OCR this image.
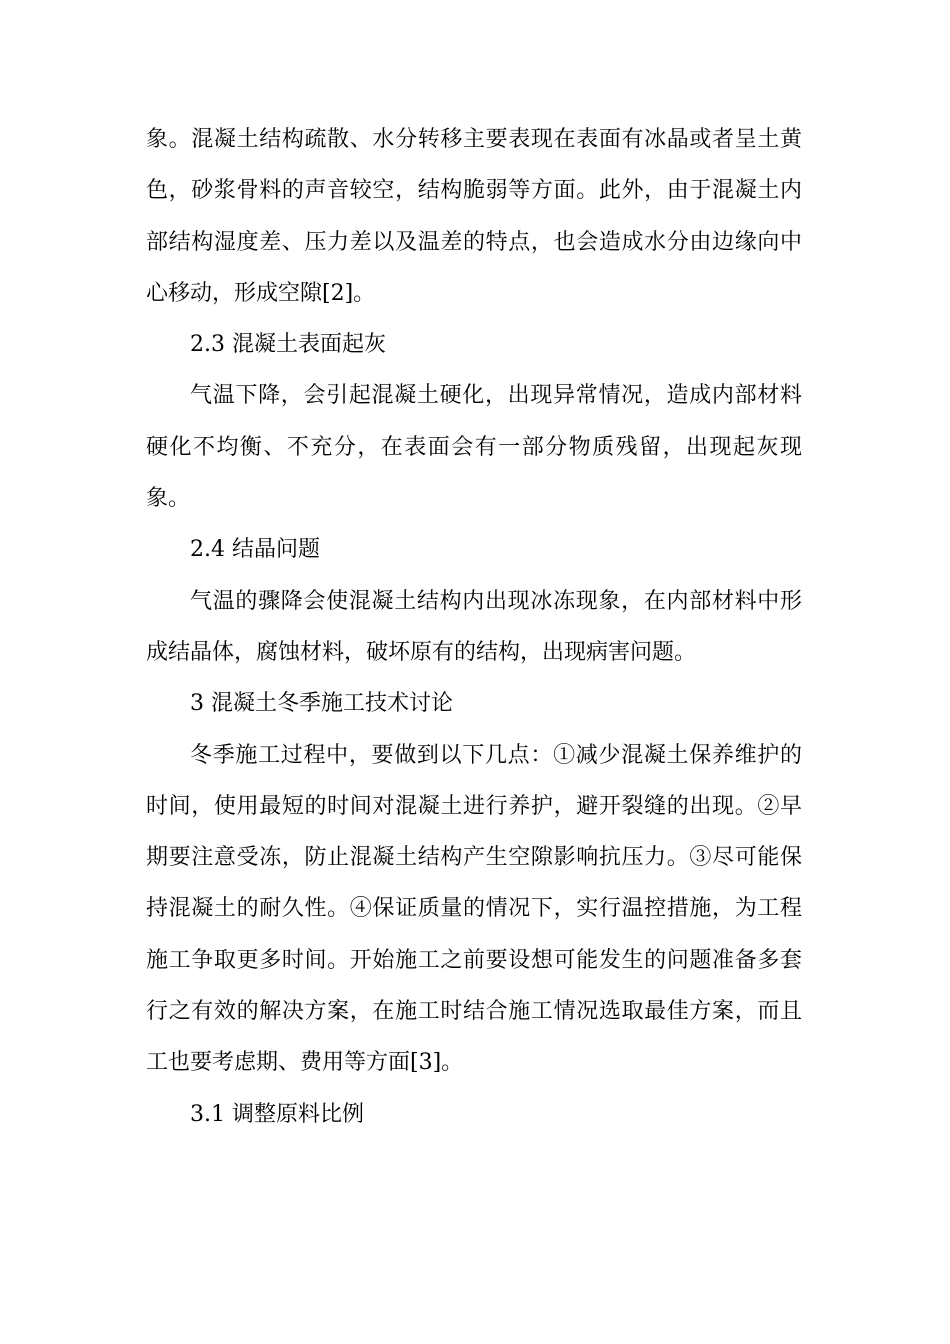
象。混凝土结构疏散、水分转移主要表现在表面有冰晶或者呈土黄色，砂浆骨料的声音较空，结构脆弱等方面。此外，由于混凝土内部结构湿度差、压力差以及温差的特点，也会造成水分由边缘向中心移动，形成空隙[2]。

2.3 混凝土表面起灰

气温下降，会引起混凝土硬化，出现异常情况，造成内部材料硬化不均衡、不充分，在表面会有一部分物质残留，出现起灰现象。

2.4 结晶问题

气温的骤降会使混凝土结构内出现冰冻现象，在内部材料中形成结晶体，腐蚀材料，破坏原有的结构，出现病害问题。

3 混凝土冬季施工技术讨论

冬季施工过程中，要做到以下几点：①减少混凝土保养维护的时间，使用最短的时间对混凝土进行养护，避开裂缝的出现。②早期要注意受冻，防止混凝土结构产生空隙影响抗压力。③尽可能保持混凝土的耐久性。④保证质量的情况下，实行温控措施，为工程施工争取更多时间。开始施工之前要设想可能发生的问题准备多套行之有效的解决方案，在施工时结合施工情况选取最佳方案，而且工也要考虑期、费用等方面[3]。

3.1 调整原料比例
